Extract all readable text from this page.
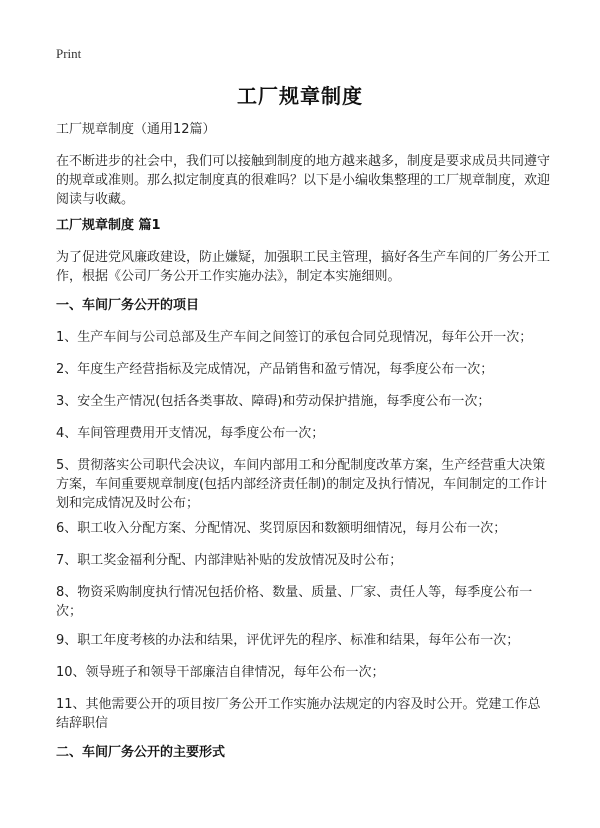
Print
工厂规章制度

工厂规章制度（通用12篇）

在不断进步的社会中，我们可以接触到制度的地方越来越多，制度是要求成员共同遵守的规章或准则。那么拟定制度真的很难吗？以下是小编收集整理的工厂规章制度，欢迎阅读与收藏。

工厂规章制度 篇1

为了促进党风廉政建设，防止嫌疑，加强职工民主管理，搞好各生产车间的厂务公开工作，根据《公司厂务公开工作实施办法》，制定本实施细则。

一、车间厂务公开的项目

1、生产车间与公司总部及生产车间之间签订的承包合同兑现情况，每年公开一次；

2、年度生产经营指标及完成情况，产品销售和盈亏情况，每季度公布一次；

3、安全生产情况(包括各类事故、障碍)和劳动保护措施，每季度公布一次；

4、车间管理费用开支情况，每季度公布一次；

5、贯彻落实公司职代会决议，车间内部用工和分配制度改革方案，生产经营重大决策方案，车间重要规章制度(包括内部经济责任制)的制定及执行情况，车间制定的工作计划和完成情况及时公布；

6、职工收入分配方案、分配情况、奖罚原因和数额明细情况，每月公布一次；

7、职工奖金福利分配、内部津贴补贴的发放情况及时公布；

8、物资采购制度执行情况包括价格、数量、质量、厂家、责任人等，每季度公布一次；

9、职工年度考核的办法和结果，评优评先的程序、标准和结果，每年公布一次；

10、领导班子和领导干部廉洁自律情况，每年公布一次；

11、其他需要公开的项目按厂务公开工作实施办法规定的内容及时公开。党建工作总结辞职信

二、车间厂务公开的主要形式
